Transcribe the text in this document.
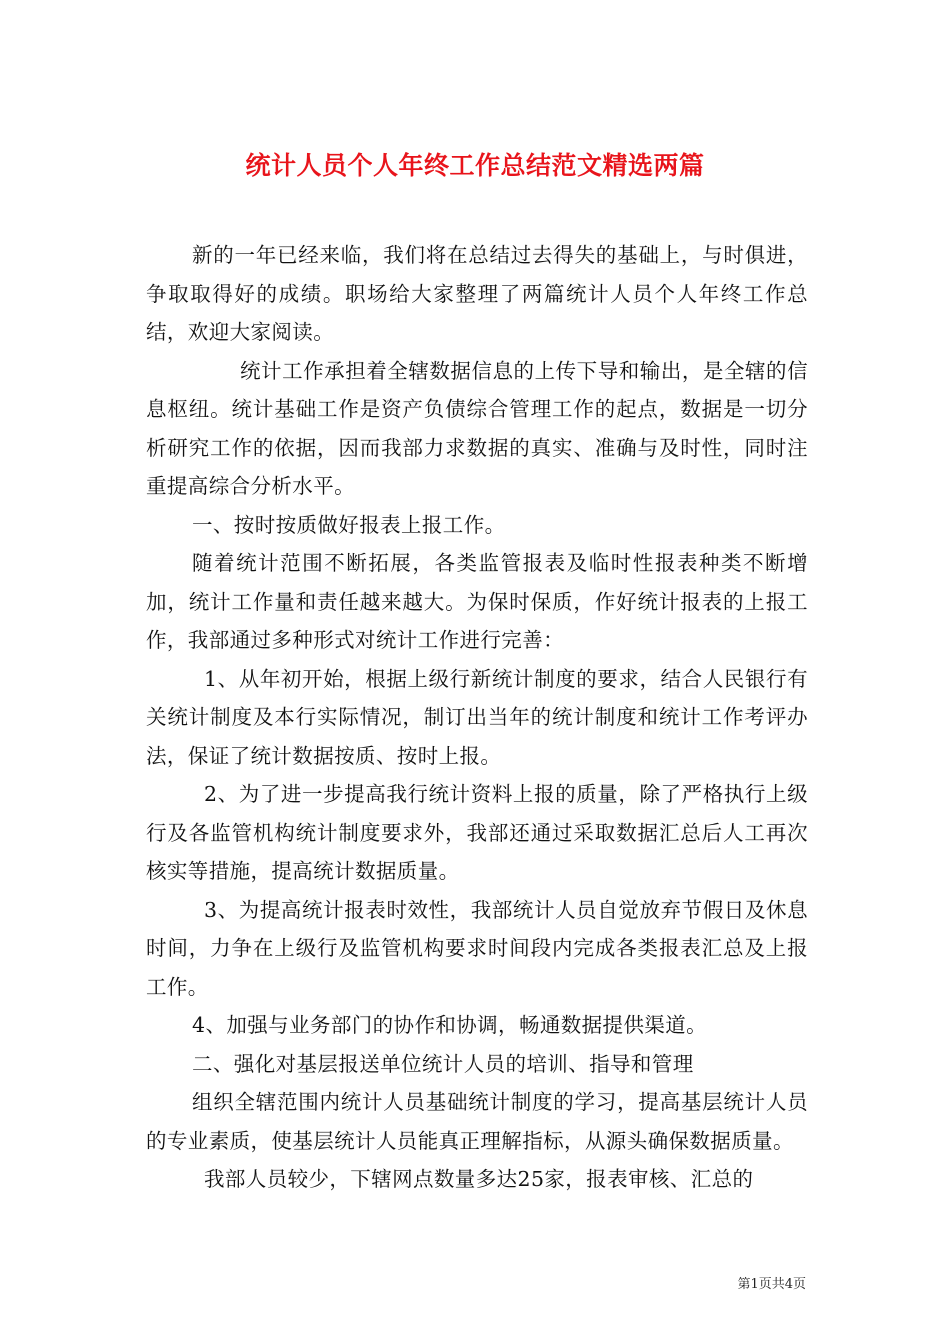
统计人员个人年终工作总结范文精选两篇

新的一年已经来临，我们将在总结过去得失的基础上，与时俱进，争取取得好的成绩。职场给大家整理了两篇统计人员个人年终工作总结，欢迎大家阅读。

统计工作承担着全辖数据信息的上传下导和输出，是全辖的信息枢纽。统计基础工作是资产负债综合管理工作的起点，数据是一切分析研究工作的依据，因而我部力求数据的真实、准确与及时性，同时注重提高综合分析水平。

一、按时按质做好报表上报工作。

随着统计范围不断拓展，各类监管报表及临时性报表种类不断增加，统计工作量和责任越来越大。为保时保质，作好统计报表的上报工作，我部通过多种形式对统计工作进行完善：

1、从年初开始，根据上级行新统计制度的要求，结合人民银行有关统计制度及本行实际情况，制订出当年的统计制度和统计工作考评办法，保证了统计数据按质、按时上报。

2、为了进一步提高我行统计资料上报的质量，除了严格执行上级行及各监管机构统计制度要求外，我部还通过采取数据汇总后人工再次核实等措施，提高统计数据质量。

3、为提高统计报表时效性，我部统计人员自觉放弃节假日及休息时间，力争在上级行及监管机构要求时间段内完成各类报表汇总及上报工作。

4、加强与业务部门的协作和协调，畅通数据提供渠道。

二、强化对基层报送单位统计人员的培训、指导和管理

组织全辖范围内统计人员基础统计制度的学习，提高基层统计人员的专业素质，使基层统计人员能真正理解指标，从源头确保数据质量。

我部人员较少，下辖网点数量多达25家，报表审核、汇总的

第1页共4页
